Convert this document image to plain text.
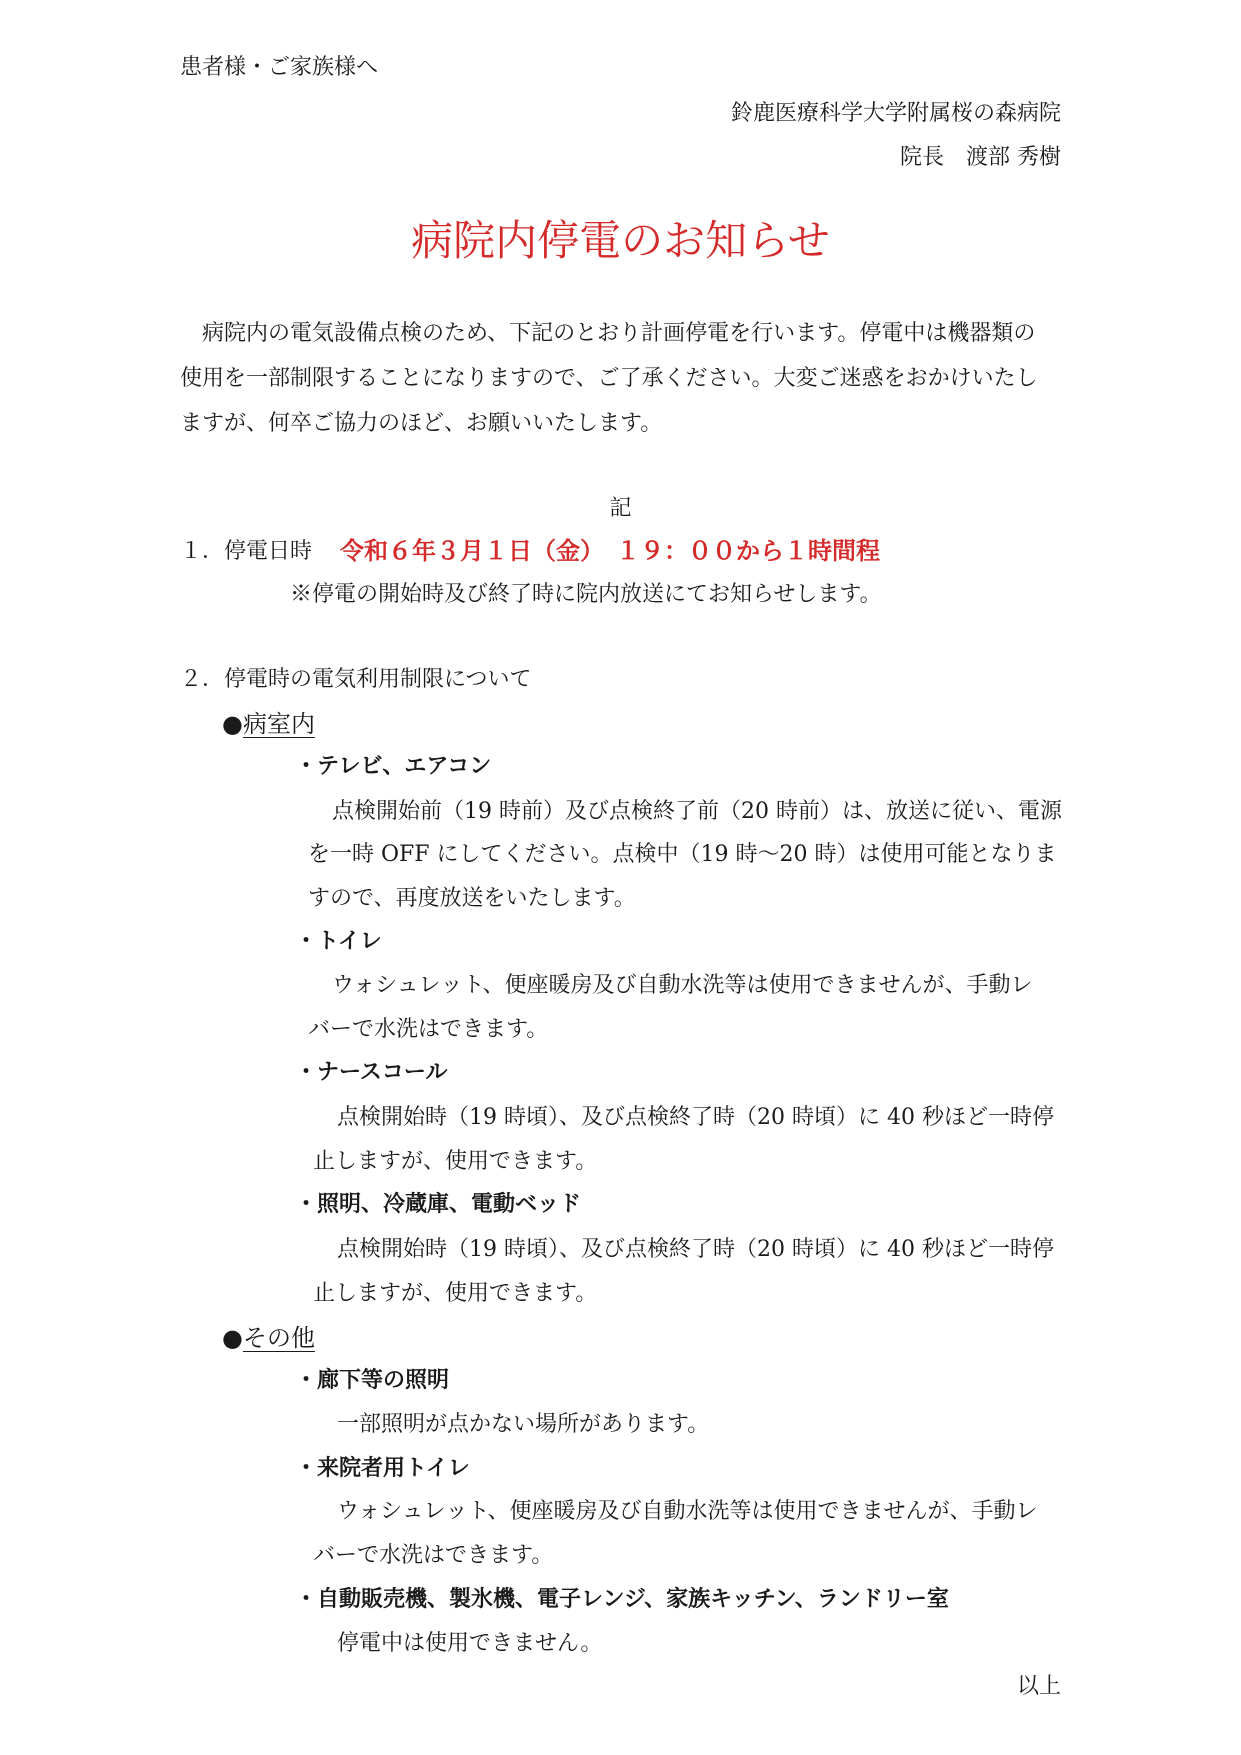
患者様・ご家族様へ
鈴鹿医療科学大学附属桜の森病院
院長　渡部 秀樹
病院内停電のお知らせ
　病院内の電気設備点検のため、下記のとおり計画停電を行います。停電中は機器類の
使用を一部制限することになりますので、ご了承ください。大変ご迷惑をおかけいたし
ますが、何卒ご協力のほど、お願いいたします。
記
１．停電日時 令和６年３月１日（金）　１９：００から１時間程
※停電の開始時及び終了時に院内放送にてお知らせします。
２．停電時の電気利用制限について
●病室内
・テレビ、エアコン
点検開始前（19 時前）及び点検終了前（20 時前）は、放送に従い、電源
を一時 OFF にしてください。点検中（19 時～20 時）は使用可能となりま
すので、再度放送をいたします。
・トイレ
ウォシュレット、便座暖房及び自動水洗等は使用できませんが、手動レ
バーで水洗はできます。
・ナースコール
点検開始時（19 時頃）、及び点検終了時（20 時頃）に 40 秒ほど一時停
止しますが、使用できます。
・照明、冷蔵庫、電動ベッド
点検開始時（19 時頃）、及び点検終了時（20 時頃）に 40 秒ほど一時停
止しますが、使用できます。
●その他
・廊下等の照明
一部照明が点かない場所があります。
・来院者用トイレ
ウォシュレット、便座暖房及び自動水洗等は使用できませんが、手動レ
バーで水洗はできます。
・自動販売機、製氷機、電子レンジ、家族キッチン、ランドリー室
停電中は使用できません。
以上
